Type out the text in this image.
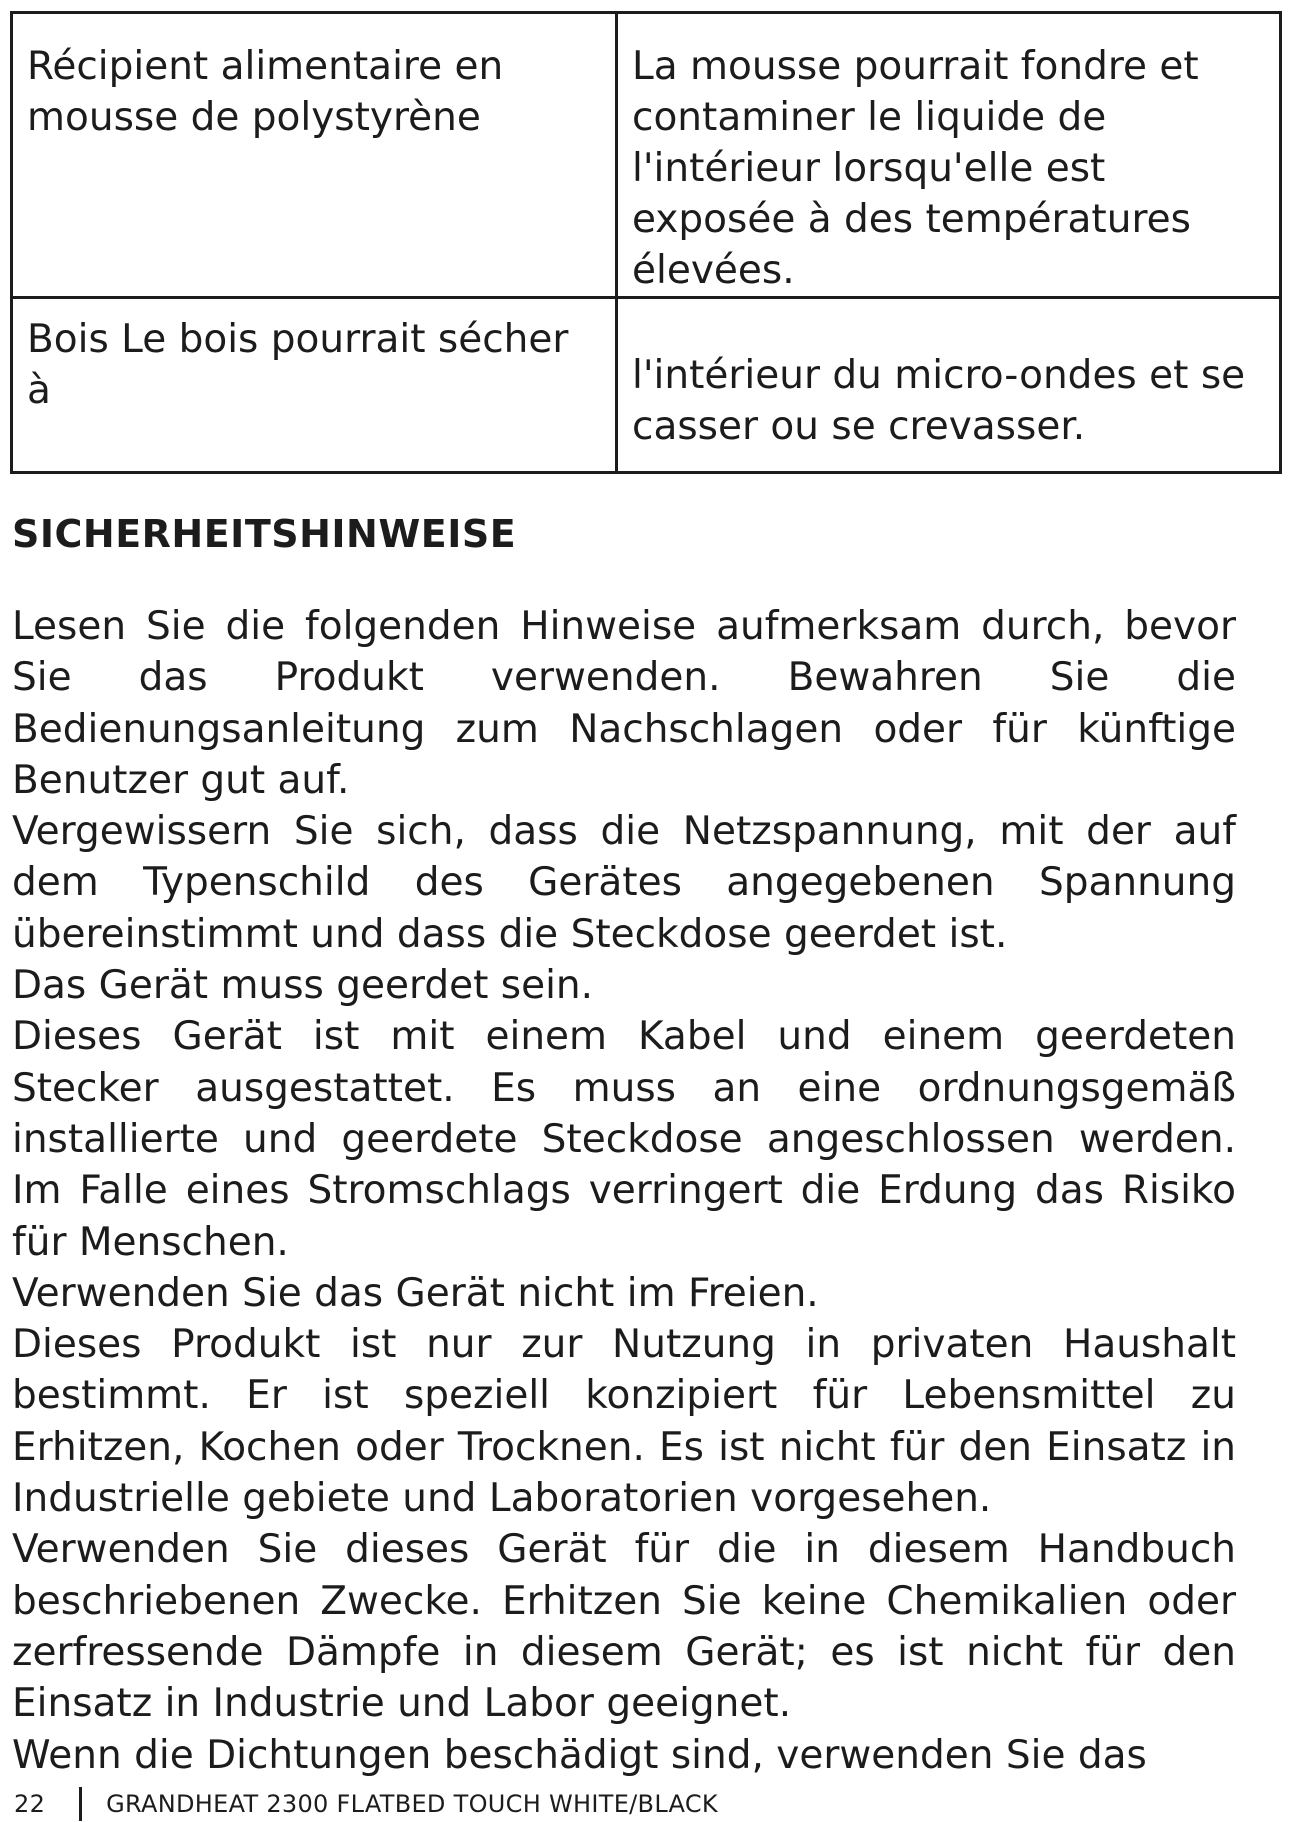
Récipient alimentaire en mousse de polystyrène	La mousse pourrait fondre et contaminer le liquide de l'intérieur lorsqu'elle est exposée à des températures élevées.
Bois Le bois pourrait sécher à	l'intérieur du micro-ondes et se casser ou se crevasser.
SICHERHEITSHINWEISE

Lesen Sie die folgenden Hinweise aufmerksam durch, bevor Sie das Produkt verwenden. Bewahren Sie die Bedienungsanleitung zum Nachschlagen oder für künftige Benutzer gut auf.

Vergewissern Sie sich, dass die Netzspannung, mit der auf dem Typenschild des Gerätes angegebenen Spannung übereinstimmt und dass die Steckdose geerdet ist.

Das Gerät muss geerdet sein.

Dieses Gerät ist mit einem Kabel und einem geerdeten Stecker ausgestattet. Es muss an eine ordnungsgemäß installierte und geerdete Steckdose angeschlossen werden. Im Falle eines Stromschlags verringert die Erdung das Risiko für Menschen.

Verwenden Sie das Gerät nicht im Freien.

Dieses Produkt ist nur zur Nutzung in privaten Haushalt bestimmt. Er ist speziell konzipiert für Lebensmittel zu Erhitzen, Kochen oder Trocknen. Es ist nicht für den Einsatz in Industrielle gebiete und Laboratorien vorgesehen.

Verwenden Sie dieses Gerät für die in diesem Handbuch beschriebenen Zwecke. Erhitzen Sie keine Chemikalien oder zerfressende Dämpfe in diesem Gerät; es ist nicht für den Einsatz in Industrie und Labor geeignet.

Wenn die Dichtungen beschädigt sind, verwenden Sie das

22	GRANDHEAT 2300 FLATBED TOUCH WHITE/BLACK
